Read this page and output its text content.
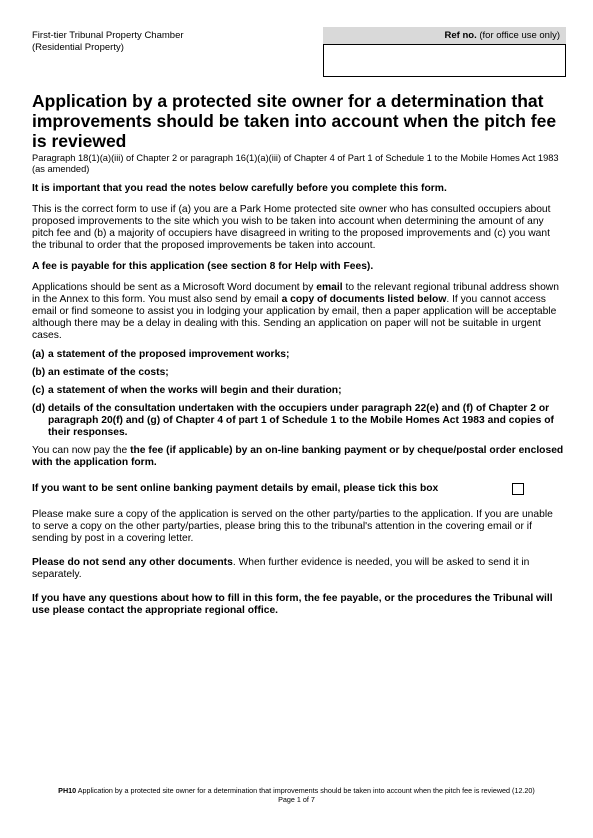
First-tier Tribunal Property Chamber
(Residential Property)
Ref no. (for office use only)
Application by a protected site owner for a determination that improvements should be taken into account when the pitch fee is reviewed

Paragraph 18(1)(a)(iii) of Chapter 2 or paragraph 16(1)(a)(iii) of Chapter 4 of Part 1 of Schedule 1 to the Mobile Homes Act 1983 (as amended)

It is important that you read the notes below carefully before you complete this form.

This is the correct form to use if (a) you are a Park Home protected site owner who has consulted occupiers about proposed improvements to the site which you wish to be taken into account when determining the amount of any pitch fee and (b) a majority of occupiers have disagreed in writing to the proposed improvements and (c) you want the tribunal to order that the proposed improvements be taken into account.

A fee is payable for this application (see section 8 for Help with Fees).

Applications should be sent as a Microsoft Word document by email to the relevant regional tribunal address shown in the Annex to this form. You must also send by email a copy of documents listed below. If you cannot access email or find someone to assist you in lodging your application by email, then a paper application will be acceptable although there may be a delay in dealing with this. Sending an application on paper will not be suitable in urgent cases.

(a) a statement of the proposed improvement works;
(b) an estimate of the costs;
(c) a statement of when the works will begin and their duration;
(d) details of the consultation undertaken with the occupiers under paragraph 22(e) and (f) of Chapter 2 or paragraph 20(f) and (g) of Chapter 4 of part 1 of Schedule 1 to the Mobile Homes Act 1983 and copies of their responses.

You can now pay the the fee (if applicable) by an on-line banking payment or by cheque/postal order enclosed with the application form.

If you want to be sent online banking payment details by email, please tick this box

Please make sure a copy of the application is served on the other party/parties to the application. If you are unable to serve a copy on the other party/parties, please bring this to the tribunal's attention in the covering email or if sending by post in a covering letter.

Please do not send any other documents. When further evidence is needed, you will be asked to send it in separately.

If you have any questions about how to fill in this form, the fee payable, or the procedures the Tribunal will use please contact the appropriate regional office.

PH10 Application by a protected site owner for a determination that improvements should be taken into account when the pitch fee is reviewed (12.20)
Page 1 of 7
